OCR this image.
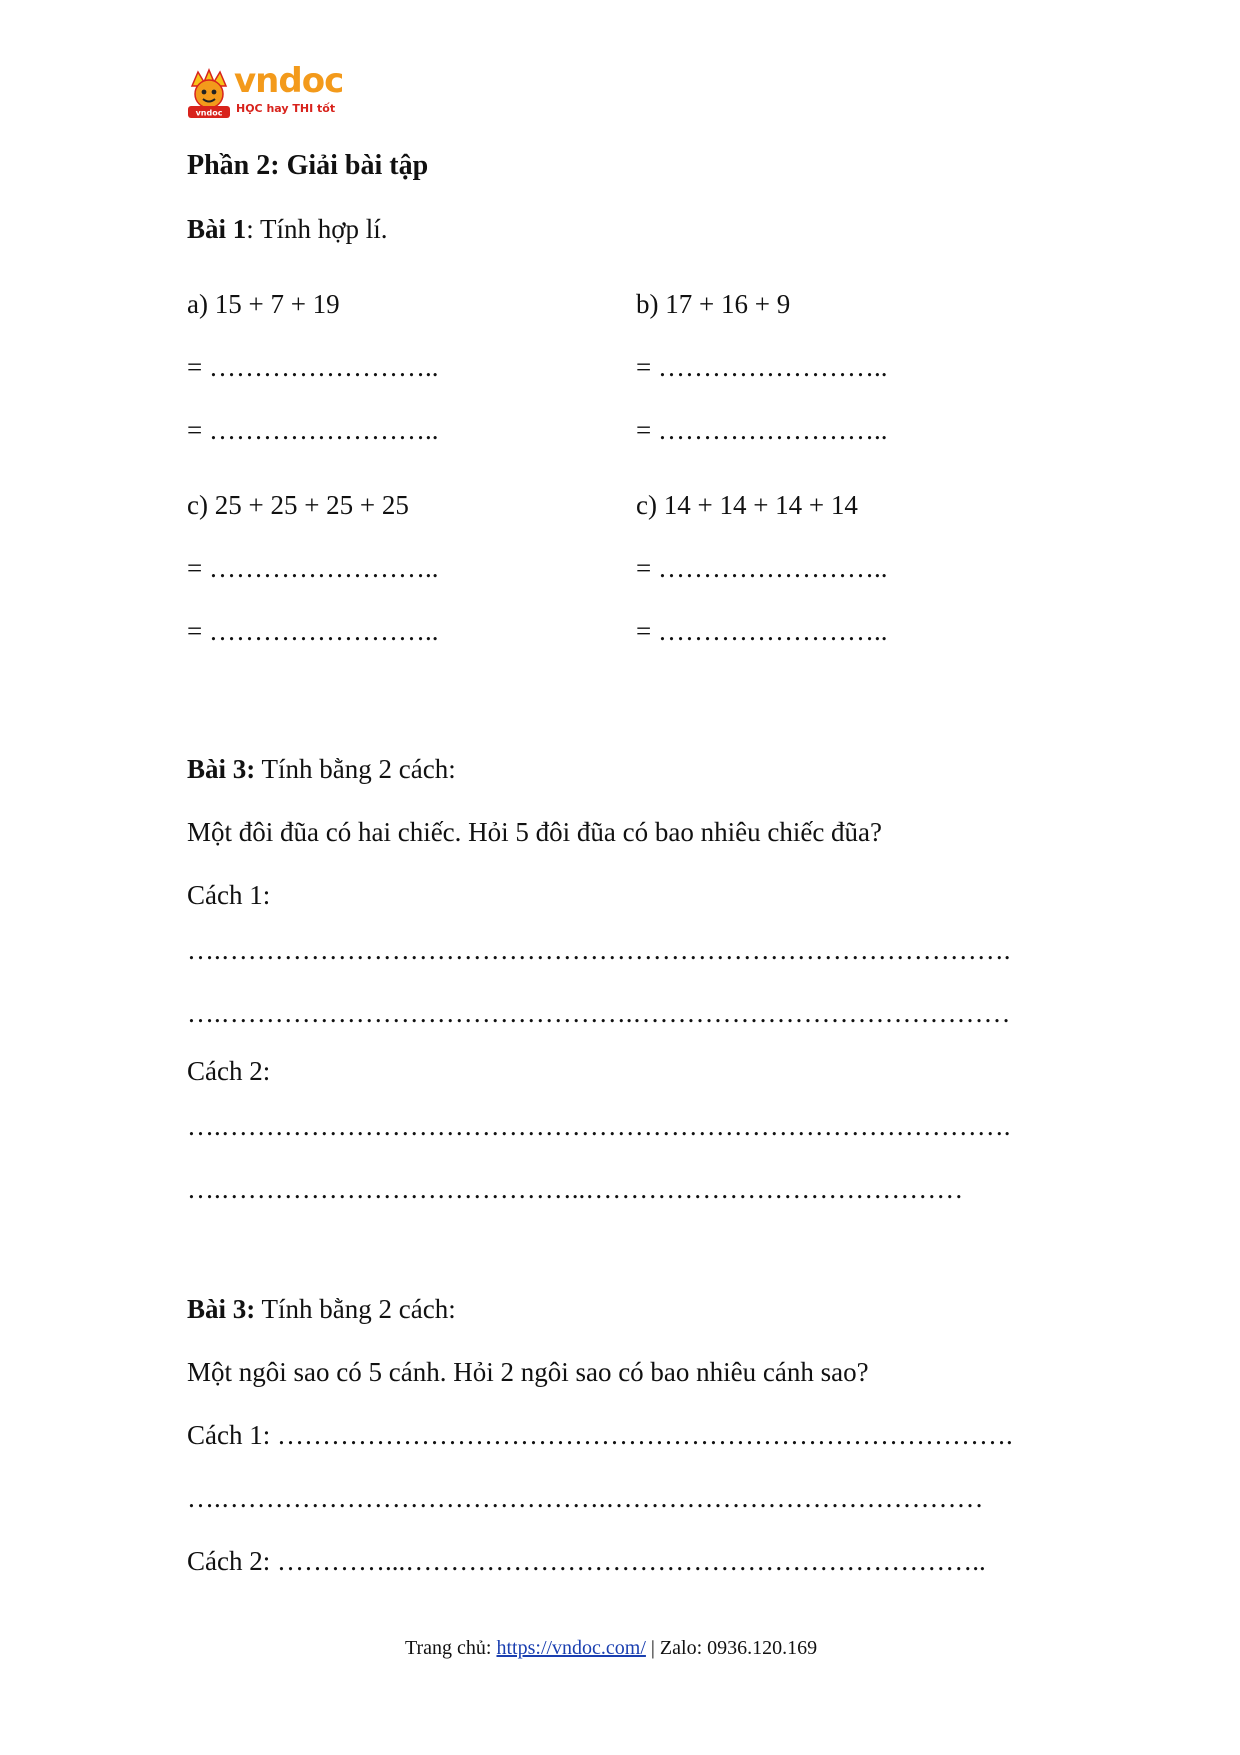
vndoc
vndoc
HỌC hay THI tốt
Phần 2: Giải bài tập
Bài 1: Tính hợp lí.
a) 15 + 7 + 19
= ……………………..
= ……………………..
b) 17 + 16 + 9
= ……………………..
= ……………………..
c) 25 + 25 + 25 + 25
= ……………………..
= ……………………..
c) 14 + 14 + 14 + 14
= ……………………..
= ……………………..
Bài 3: Tính bằng 2 cách:
Một đôi đũa có hai chiếc. Hỏi 5 đôi đũa có bao nhiêu chiếc đũa?
Cách 1:
….…………………………………………………………………………….
….……………………………………….……………………………………
Cách 2:
….…………………………………………………………………………….
….…………………………………..……………………………………
Bài 3: Tính bằng 2 cách:
Một ngôi sao có 5 cánh. Hỏi 2 ngôi sao có bao nhiêu cánh sao?
Cách 1: ……………………………………………………………………….
….…………………………………….……………………………………
Cách 2: …………...………………………………………………………..
Trang chủ: https://vndoc.com/ | Zalo: 0936.120.169
